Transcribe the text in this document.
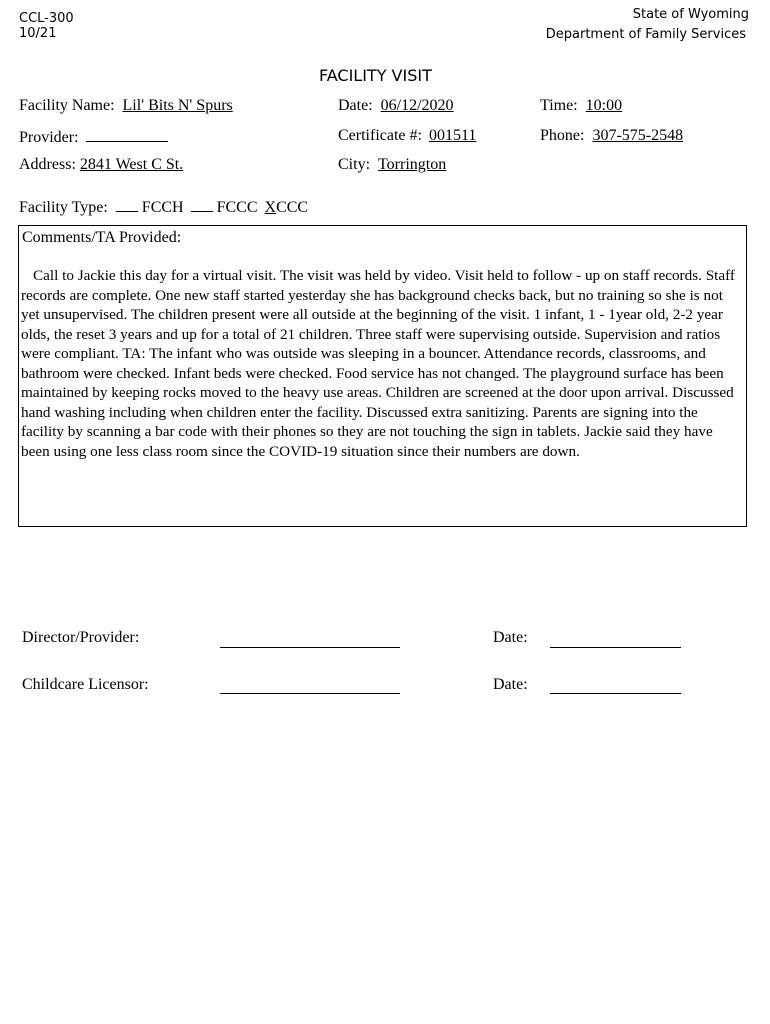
CCL-300
10/21
State of Wyoming
Department of Family Services
FACILITY VISIT
Facility Name: Lil' Bits N' Spurs	Date: 06/12/2020	Time: 10:00
Provider:	Certificate #: 001511	Phone: 307-575-2548
Address: 2841 West C St.	City: Torrington
Facility Type: FCCH FCCC XCCC
Comments/TA Provided:
Call to Jackie this day for a virtual visit. The visit was held by video. Visit held to follow - up on staff records. Staff records are complete. One new staff started yesterday she has background checks back, but no training so she is not yet unsupervised. The children present were all outside at the beginning of the visit. 1 infant, 1 - 1year old, 2-2 year olds, the reset 3 years and up for a total of 21 children. Three staff were supervising outside. Supervision and ratios were compliant. TA: The infant who was outside was sleeping in a bouncer. Attendance records, classrooms, and bathroom were checked. Infant beds were checked. Food service has not changed. The playground surface has been maintained by keeping rocks moved to the heavy use areas. Children are screened at the door upon arrival. Discussed hand washing including when children enter the facility. Discussed extra sanitizing. Parents are signing into the facility by scanning a bar code with their phones so they are not touching the sign in tablets. Jackie said they have been using one less class room since the COVID-19 situation since their numbers are down.
Director/Provider:	Date:
Childcare Licensor:	Date:
